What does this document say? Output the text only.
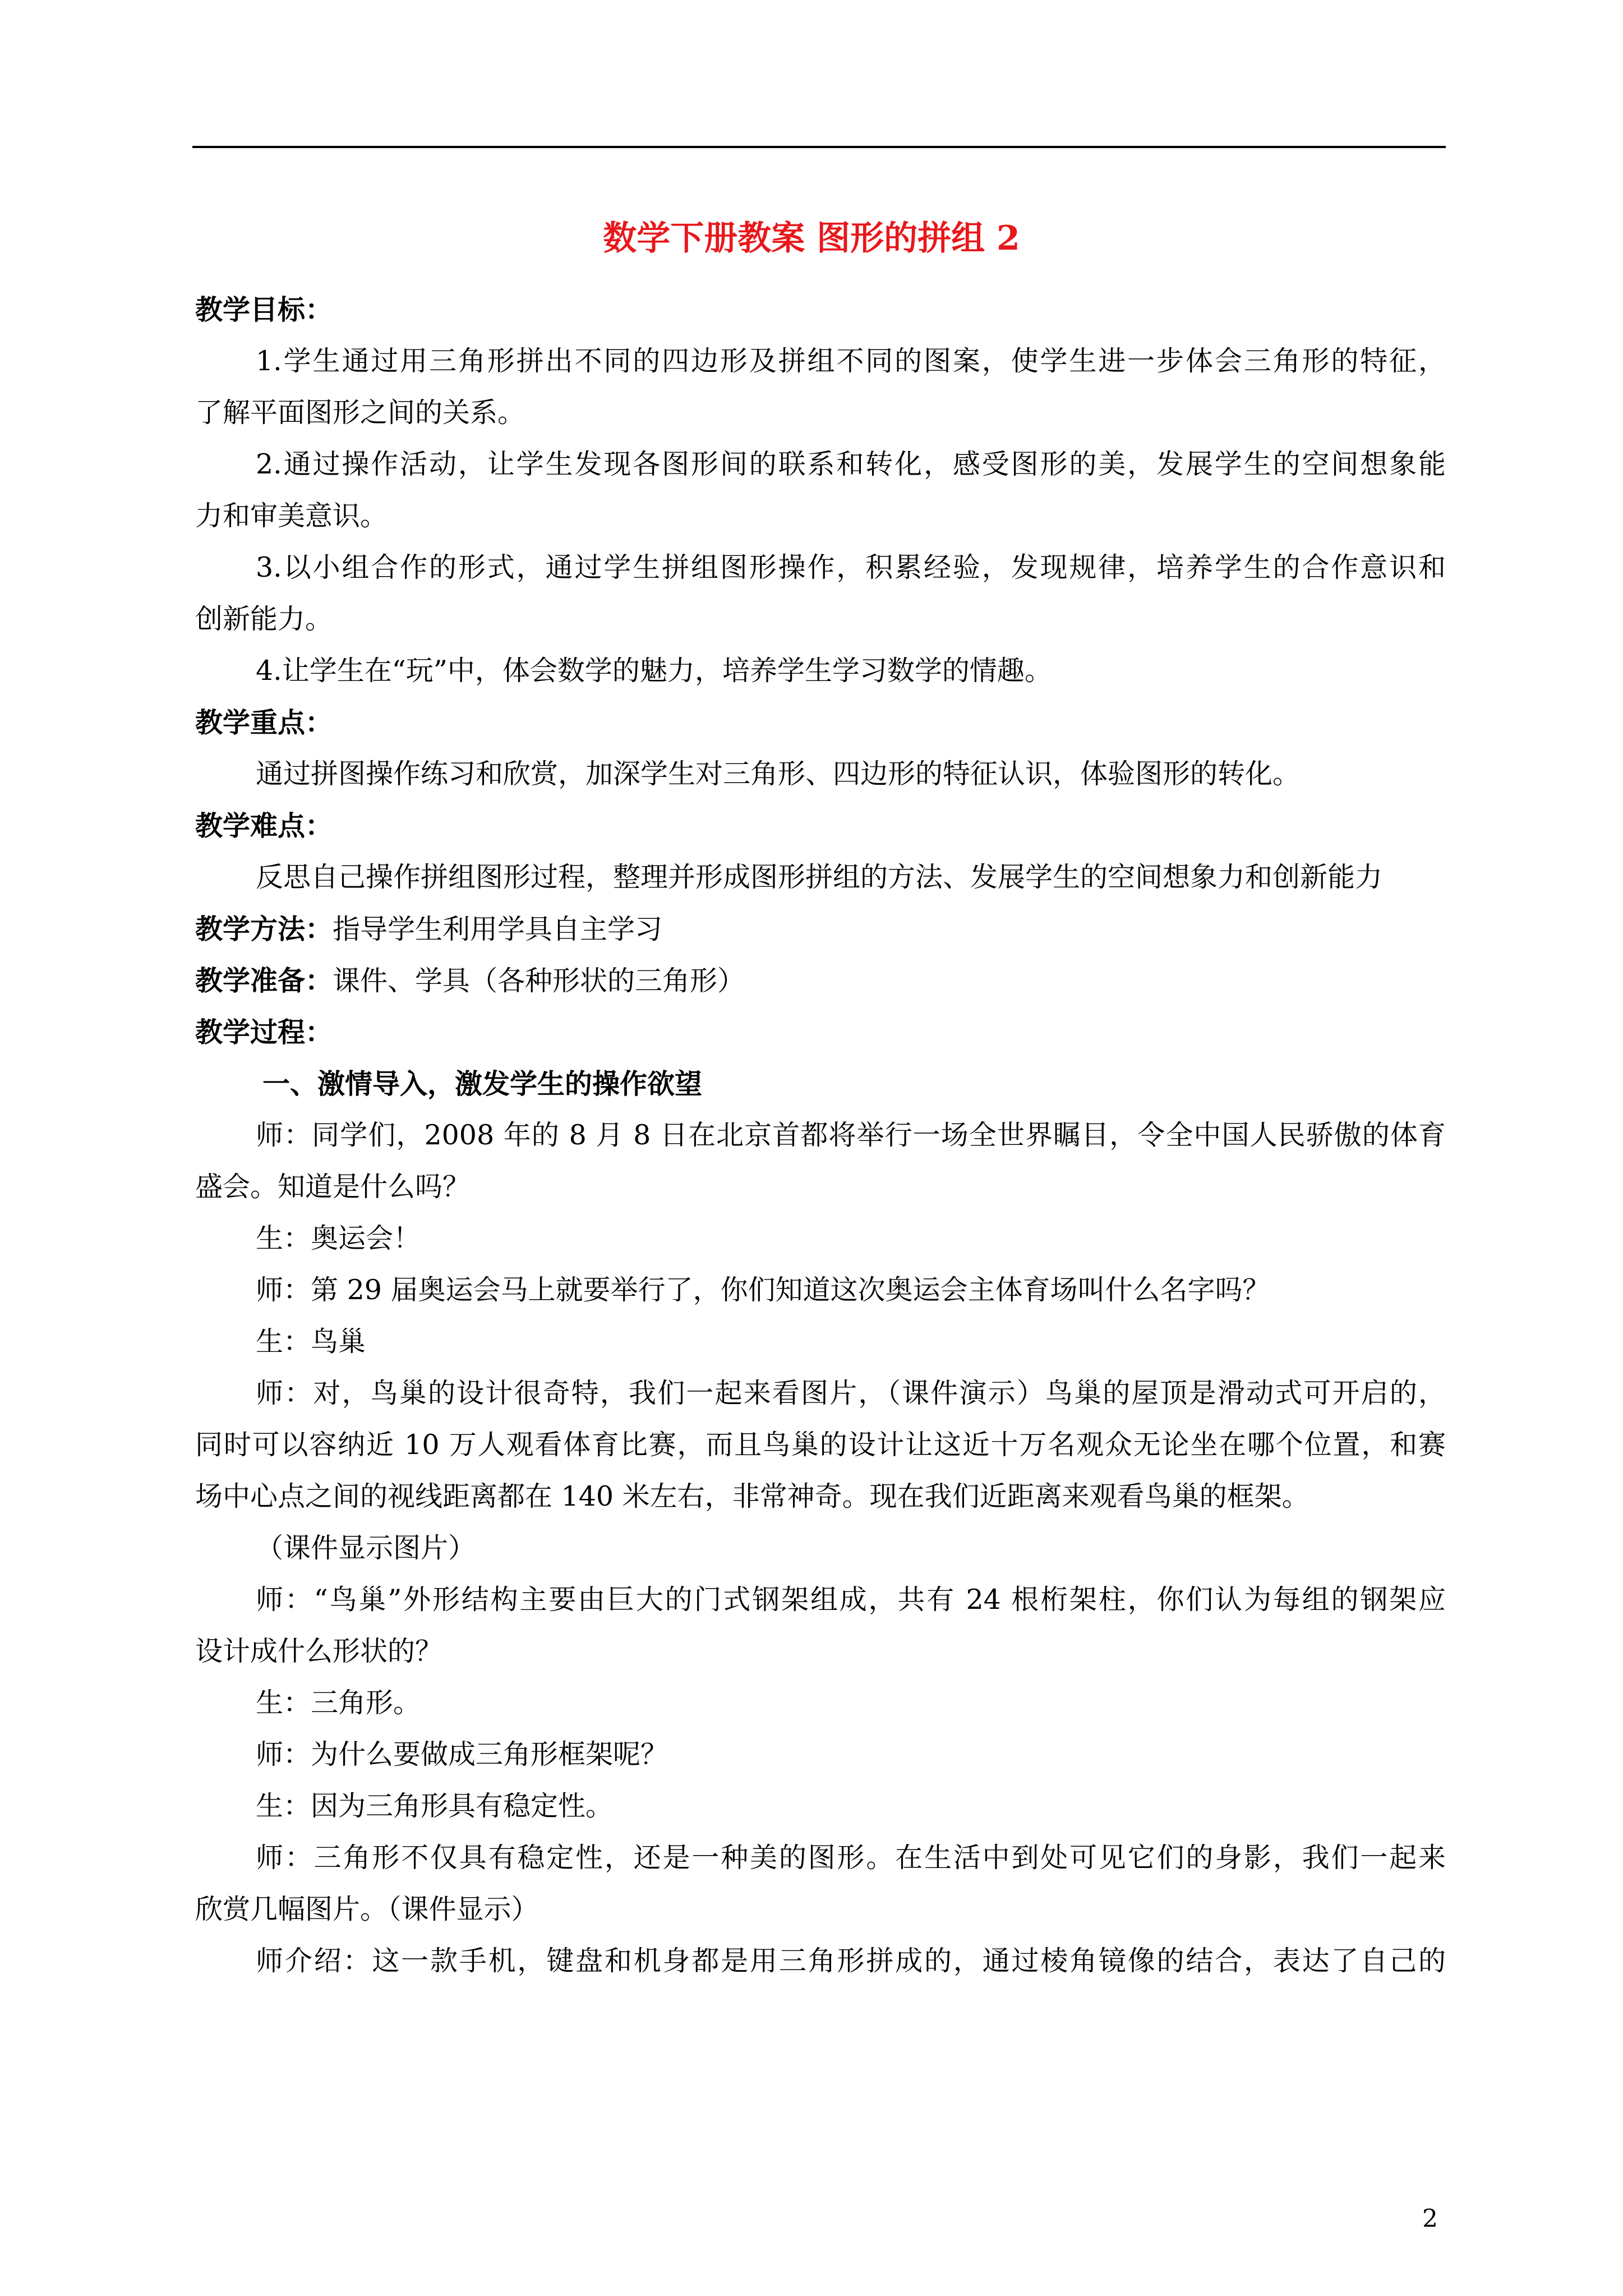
数学下册教案 图形的拼组 2
教学目标：
1.学生通过用三角形拼出不同的四边形及拼组不同的图案，使学生进一步体会三角形的特征，
了解平面图形之间的关系。
2.通过操作活动，让学生发现各图形间的联系和转化，感受图形的美，发展学生的空间想象能
力和审美意识。
3.以小组合作的形式，通过学生拼组图形操作，积累经验，发现规律，培养学生的合作意识和
创新能力。
4.让学生在“玩”中，体会数学的魅力，培养学生学习数学的情趣。
教学重点：
通过拼图操作练习和欣赏，加深学生对三角形、四边形的特征认识，体验图形的转化。
教学难点：
反思自己操作拼组图形过程，整理并形成图形拼组的方法、发展学生的空间想象力和创新能力
教学方法：指导学生利用学具自主学习
教学准备：课件、学具（各种形状的三角形）
教学过程：
一、激情导入，激发学生的操作欲望
师：同学们，2008 年的 8 月 8 日在北京首都将举行一场全世界瞩目，令全中国人民骄傲的体育
盛会。知道是什么吗？
生：奥运会！
师：第 29 届奥运会马上就要举行了，你们知道这次奥运会主体育场叫什么名字吗？
生：鸟巢
师：对，鸟巢的设计很奇特，我们一起来看图片，（课件演示）鸟巢的屋顶是滑动式可开启的，
同时可以容纳近 10 万人观看体育比赛，而且鸟巢的设计让这近十万名观众无论坐在哪个位置，和赛
场中心点之间的视线距离都在 140 米左右，非常神奇。现在我们近距离来观看鸟巢的框架。
（课件显示图片）
师：“鸟巢”外形结构主要由巨大的门式钢架组成，共有 24 根桁架柱，你们认为每组的钢架应
设计成什么形状的？
生：三角形。
师：为什么要做成三角形框架呢？
生：因为三角形具有稳定性。
师：三角形不仅具有稳定性，还是一种美的图形。在生活中到处可见它们的身影，我们一起来
欣赏几幅图片。（课件显示）
师介绍：这一款手机，键盘和机身都是用三角形拼成的，通过棱角镜像的结合，表达了自己的
2
